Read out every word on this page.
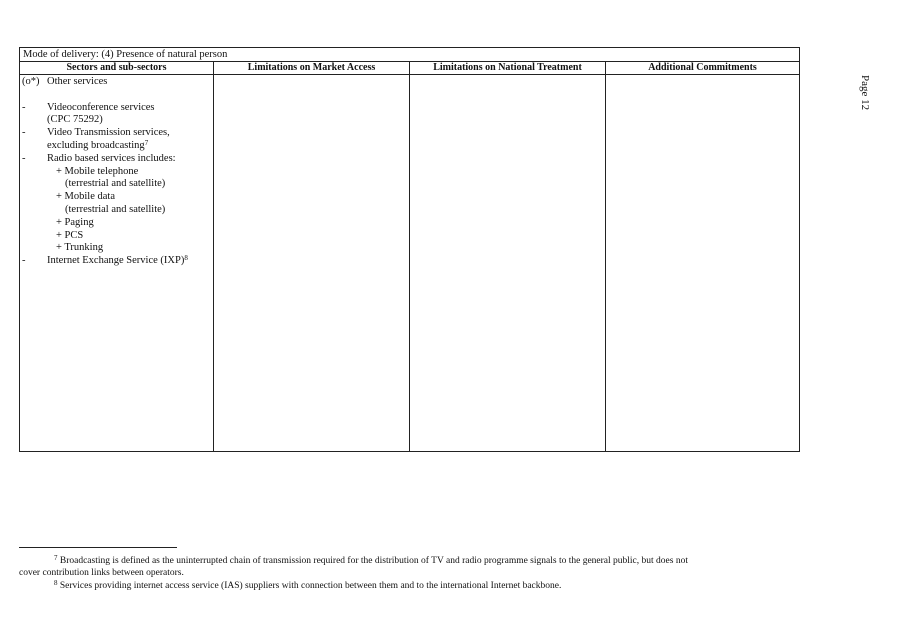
Page 12
Mode of delivery: (4) Presence of natural person
Sectors and sub-sectors	Limitations on Market Access	Limitations on National Treatment	Additional Commitments
(o*) Other services
- Videoconference services
(CPC 75292)
- Video Transmission services,
excluding broadcasting$^7$
- Radio based services includes:
+ Mobile telephone
(terrestrial and satellite)
+ Mobile data
(terrestrial and satellite)
+ Paging
+ PCS
+ Trunking
- Internet Exchange Service (IXP)$^8$
$^7$ Broadcasting is defined as the uninterrupted chain of transmission required for the distribution of TV and radio programme signals to the general public, but does not
cover contribution links between operators.
$^8$ Services providing internet access service (IAS) suppliers with connection between them and to the international Internet backbone.
